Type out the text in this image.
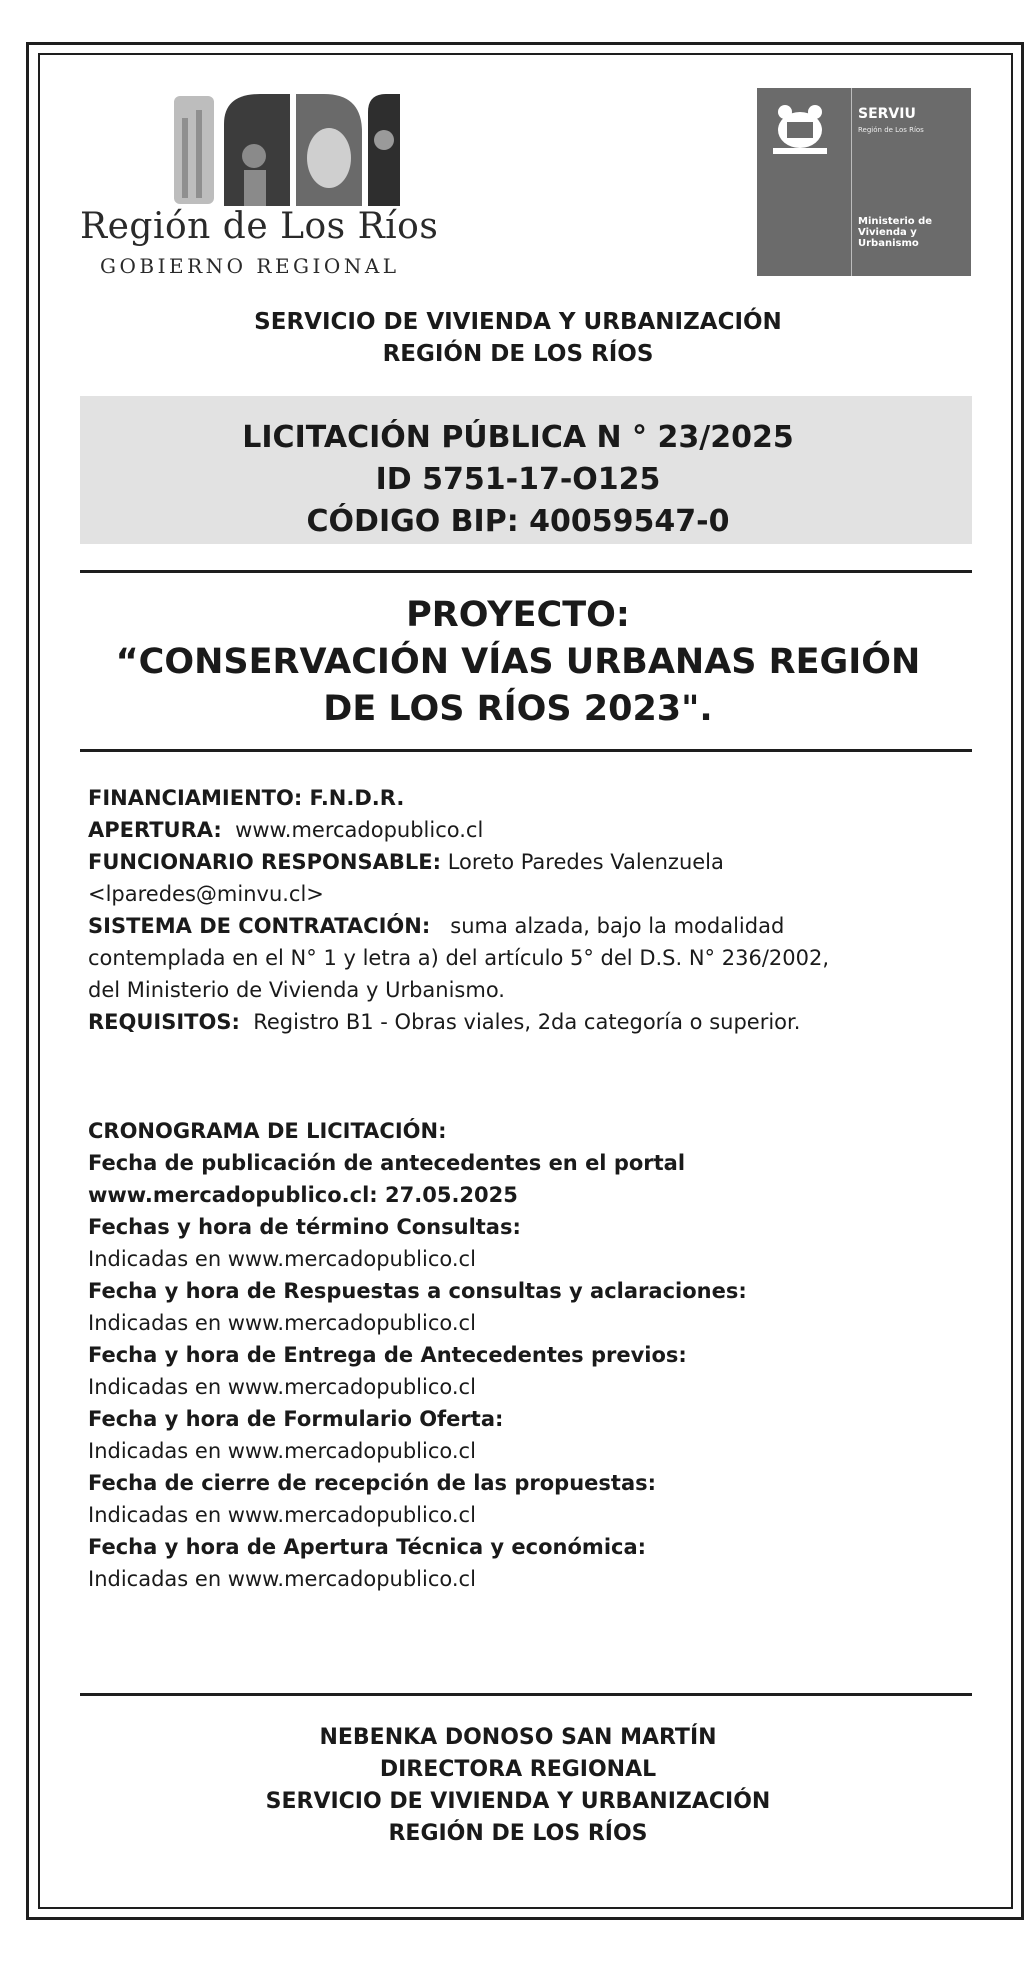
Región de Los Ríos
GOBIERNO REGIONAL
SERVIU
Región de Los Ríos
Ministerio de Vivienda y Urbanismo
SERVICIO DE VIVIENDA Y URBANIZACIÓN
REGIÓN DE LOS RÍOS
LICITACIÓN PÚBLICA N ° 23/2025
ID 5751-17-O125
CÓDIGO BIP: 40059547-0
PROYECTO:
“CONSERVACIÓN VÍAS URBANAS REGIÓN
DE LOS RÍOS 2023".
FINANCIAMIENTO: F.N.D.R.
APERTURA: www.mercadopublico.cl
FUNCIONARIO RESPONSABLE: Loreto Paredes Valenzuela
<lparedes@minvu.cl>
SISTEMA DE CONTRATACIÓN: suma alzada, bajo la modalidad
contemplada en el N° 1 y letra a) del artículo 5° del D.S. N° 236/2002,
del Ministerio de Vivienda y Urbanismo.
REQUISITOS: Registro B1 - Obras viales, 2da categoría o superior.
CRONOGRAMA DE LICITACIÓN:
Fecha de publicación de antecedentes en el portal
www.mercadopublico.cl: 27.05.2025
Fechas y hora de término Consultas:
Indicadas en www.mercadopublico.cl
Fecha y hora de Respuestas a consultas y aclaraciones:
Indicadas en www.mercadopublico.cl
Fecha y hora de Entrega de Antecedentes previos:
Indicadas en www.mercadopublico.cl
Fecha y hora de Formulario Oferta:
Indicadas en www.mercadopublico.cl
Fecha de cierre de recepción de las propuestas:
Indicadas en www.mercadopublico.cl
Fecha y hora de Apertura Técnica y económica:
Indicadas en www.mercadopublico.cl
NEBENKA DONOSO SAN MARTÍN
DIRECTORA REGIONAL
SERVICIO DE VIVIENDA Y URBANIZACIÓN
REGIÓN DE LOS RÍOS
